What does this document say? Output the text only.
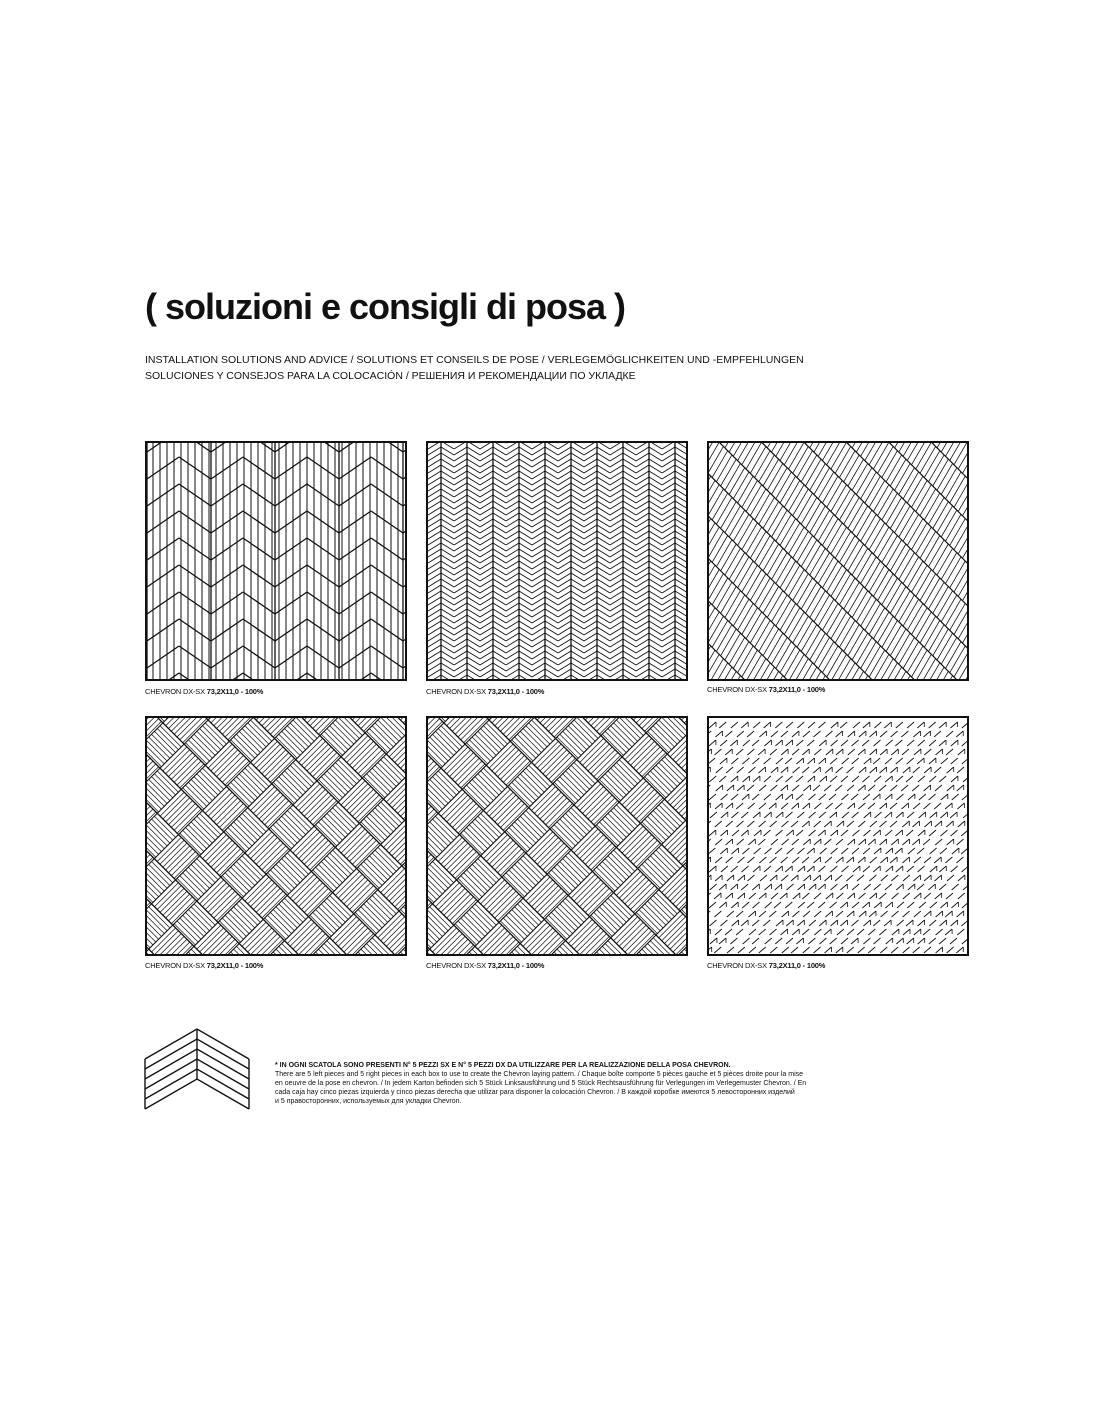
( soluzioni e consigli di posa )
INSTALLATION SOLUTIONS AND ADVICE / SOLUTIONS ET CONSEILS DE POSE / VERLEGEMÖGLICHKEITEN UND -EMPFEHLUNGEN
SOLUCIONES Y CONSEJOS PARA LA COLOCACIÓN / РЕШЕНИЯ И РЕКОМЕНДАЦИИ ПО УКЛАДКЕ
CHEVRON DX-SX 73,2X11,0 - 100%	CHEVRON DX-SX 73,2X11,0 - 100%	CHEVRON DX-SX 73,2X11,0 - 100%
CHEVRON DX-SX 73,2X11,0 - 100%	CHEVRON DX-SX 73,2X11,0 - 100%	CHEVRON DX-SX 73,2X11,0 - 100%
* IN OGNI SCATOLA SONO PRESENTI N° 5 PEZZI SX E N° 5 PEZZI DX DA UTILIZZARE PER LA REALIZZAZIONE DELLA POSA CHEVRON.
There are 5 left pieces and 5 right pieces in each box to use to create the Chevron laying pattern. / Chaque boîte comporte 5 pièces gauche et 5 pièces droite pour la mise
en oeuvre de la pose en chevron. / In jedem Karton befinden sich 5 Stück Linksausführung und 5 Stück Rechtsausführung für Verlegungen im Verlegemuster Chevron. / En
cada caja hay cinco piezas izquierda y cinco piezas derecha que utilizar para disponer la colocación Chevron. / В каждой коробке имеются 5 левосторонних изделий
и 5 правосторонних, используемых для укладки Chevron.
